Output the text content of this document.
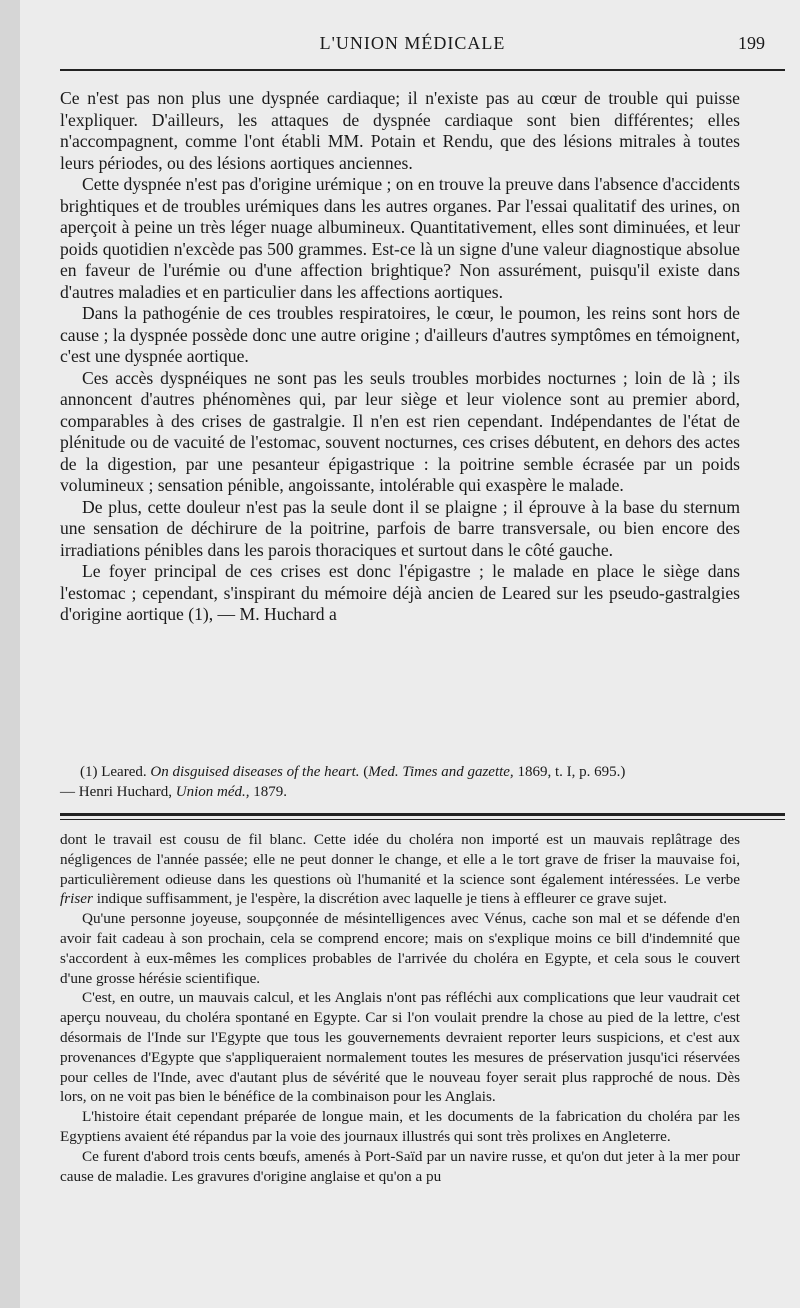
L'UNION MÉDICALE	199

Ce n'est pas non plus une dyspnée cardiaque; il n'existe pas au cœur de trouble qui puisse l'expliquer. D'ailleurs, les attaques de dyspnée cardiaque sont bien différentes; elles n'accompagnent, comme l'ont établi MM. Potain et Rendu, que des lésions mitrales à toutes leurs périodes, ou des lésions aortiques anciennes.

Cette dyspnée n'est pas d'origine urémique ; on en trouve la preuve dans l'absence d'accidents brightiques et de troubles urémiques dans les autres organes. Par l'essai qualitatif des urines, on aperçoit à peine un très léger nuage albumineux. Quantitativement, elles sont diminuées, et leur poids quotidien n'excède pas 500 grammes. Est-ce là un signe d'une valeur diagnostique absolue en faveur de l'urémie ou d'une affection brightique? Non assurément, puisqu'il existe dans d'autres maladies et en particulier dans les affections aortiques.

Dans la pathogénie de ces troubles respiratoires, le cœur, le poumon, les reins sont hors de cause ; la dyspnée possède donc une autre origine ; d'ailleurs d'autres symptômes en témoignent, c'est une dyspnée aortique.

Ces accès dyspnéiques ne sont pas les seuls troubles morbides nocturnes ; loin de là ; ils annoncent d'autres phénomènes qui, par leur siège et leur violence sont au premier abord, comparables à des crises de gastralgie. Il n'en est rien cependant. Indépendantes de l'état de plénitude ou de vacuité de l'estomac, souvent nocturnes, ces crises débutent, en dehors des actes de la digestion, par une pesanteur épigastrique : la poitrine semble écrasée par un poids volumineux ; sensation pénible, angoissante, intolérable qui exaspère le malade.

De plus, cette douleur n'est pas la seule dont il se plaigne ; il éprouve à la base du sternum une sensation de déchirure de la poitrine, parfois de barre transversale, ou bien encore des irradiations pénibles dans les parois thoraciques et surtout dans le côté gauche.

Le foyer principal de ces crises est donc l'épigastre ; le malade en place le siège dans l'estomac ; cependant, s'inspirant du mémoire déjà ancien de Leared sur les pseudo-gastralgies d'origine aortique (1), — M. Huchard a

(1) Leared. On disguised diseases of the heart. (Med. Times and gazette, 1869, t. I, p. 695.)

— Henri Huchard, Union méd., 1879.

dont le travail est cousu de fil blanc. Cette idée du choléra non importé est un mauvais replâtrage des négligences de l'année passée; elle ne peut donner le change, et elle a le tort grave de friser la mauvaise foi, particulièrement odieuse dans les questions où l'humanité et la science sont également intéressées. Le verbe friser indique suffisamment, je l'espère, la discrétion avec laquelle je tiens à effleurer ce grave sujet.

Qu'une personne joyeuse, soupçonnée de mésintelligences avec Vénus, cache son mal et se défende d'en avoir fait cadeau à son prochain, cela se comprend encore; mais on s'explique moins ce bill d'indemnité que s'accordent à eux-mêmes les complices probables de l'arrivée du choléra en Egypte, et cela sous le couvert d'une grosse hérésie scientifique.

C'est, en outre, un mauvais calcul, et les Anglais n'ont pas réfléchi aux complications que leur vaudrait cet aperçu nouveau, du choléra spontané en Egypte. Car si l'on voulait prendre la chose au pied de la lettre, c'est désormais de l'Inde sur l'Egypte que tous les gouvernements devraient reporter leurs suspicions, et c'est aux provenances d'Egypte que s'appliqueraient normalement toutes les mesures de préservation jusqu'ici réservées pour celles de l'Inde, avec d'autant plus de sévérité que le nouveau foyer serait plus rapproché de nous. Dès lors, on ne voit pas bien le bénéfice de la combinaison pour les Anglais.

L'histoire était cependant préparée de longue main, et les documents de la fabrication du choléra par les Egyptiens avaient été répandus par la voie des journaux illustrés qui sont très prolixes en Angleterre.

Ce furent d'abord trois cents bœufs, amenés à Port-Saïd par un navire russe, et qu'on dut jeter à la mer pour cause de maladie. Les gravures d'origine anglaise et qu'on a pu
